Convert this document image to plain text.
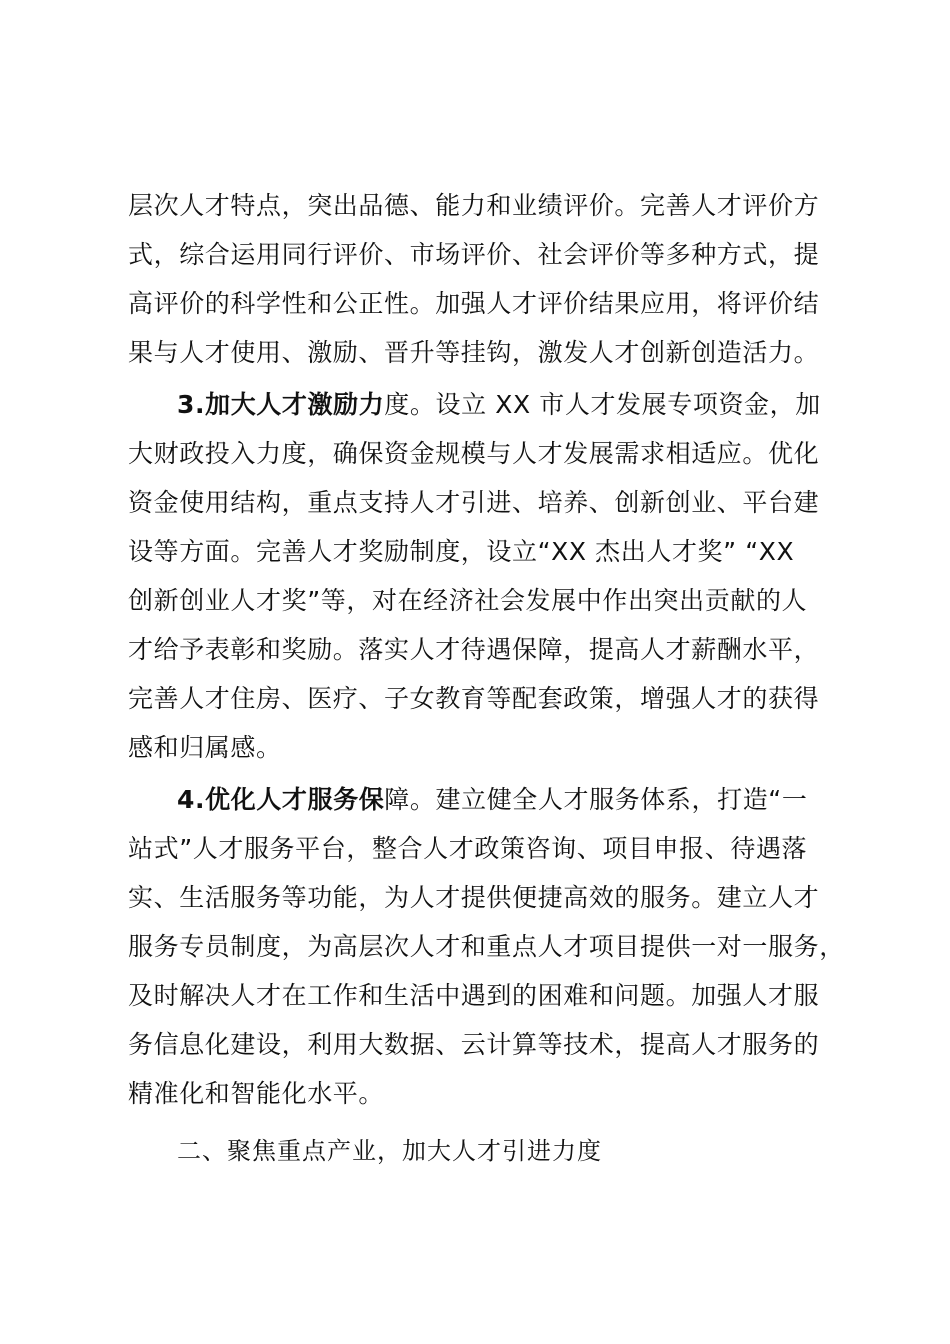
层次人才特点，突出品德、能力和业绩评价。完善人才评价方
式，综合运用同行评价、市场评价、社会评价等多种方式，提
高评价的科学性和公正性。加强人才评价结果应用，将评价结
果与人才使用、激励、晋升等挂钩，激发人才创新创造活力。
3.加大人才激励力度。设立 XX 市人才发展专项资金，加
大财政投入力度，确保资金规模与人才发展需求相适应。优化
资金使用结构，重点支持人才引进、培养、创新创业、平台建
设等方面。完善人才奖励制度，设立“XX 杰出人才奖” “XX
创新创业人才奖”等，对在经济社会发展中作出突出贡献的人
才给予表彰和奖励。落实人才待遇保障，提高人才薪酬水平，
完善人才住房、医疗、子女教育等配套政策，增强人才的获得
感和归属感。
4.优化人才服务保障。建立健全人才服务体系，打造“一
站式”人才服务平台，整合人才政策咨询、项目申报、待遇落
实、生活服务等功能，为人才提供便捷高效的服务。建立人才
服务专员制度，为高层次人才和重点人才项目提供一对一服务，
及时解决人才在工作和生活中遇到的困难和问题。加强人才服
务信息化建设，利用大数据、云计算等技术，提高人才服务的
精准化和智能化水平。
二、聚焦重点产业，加大人才引进力度
